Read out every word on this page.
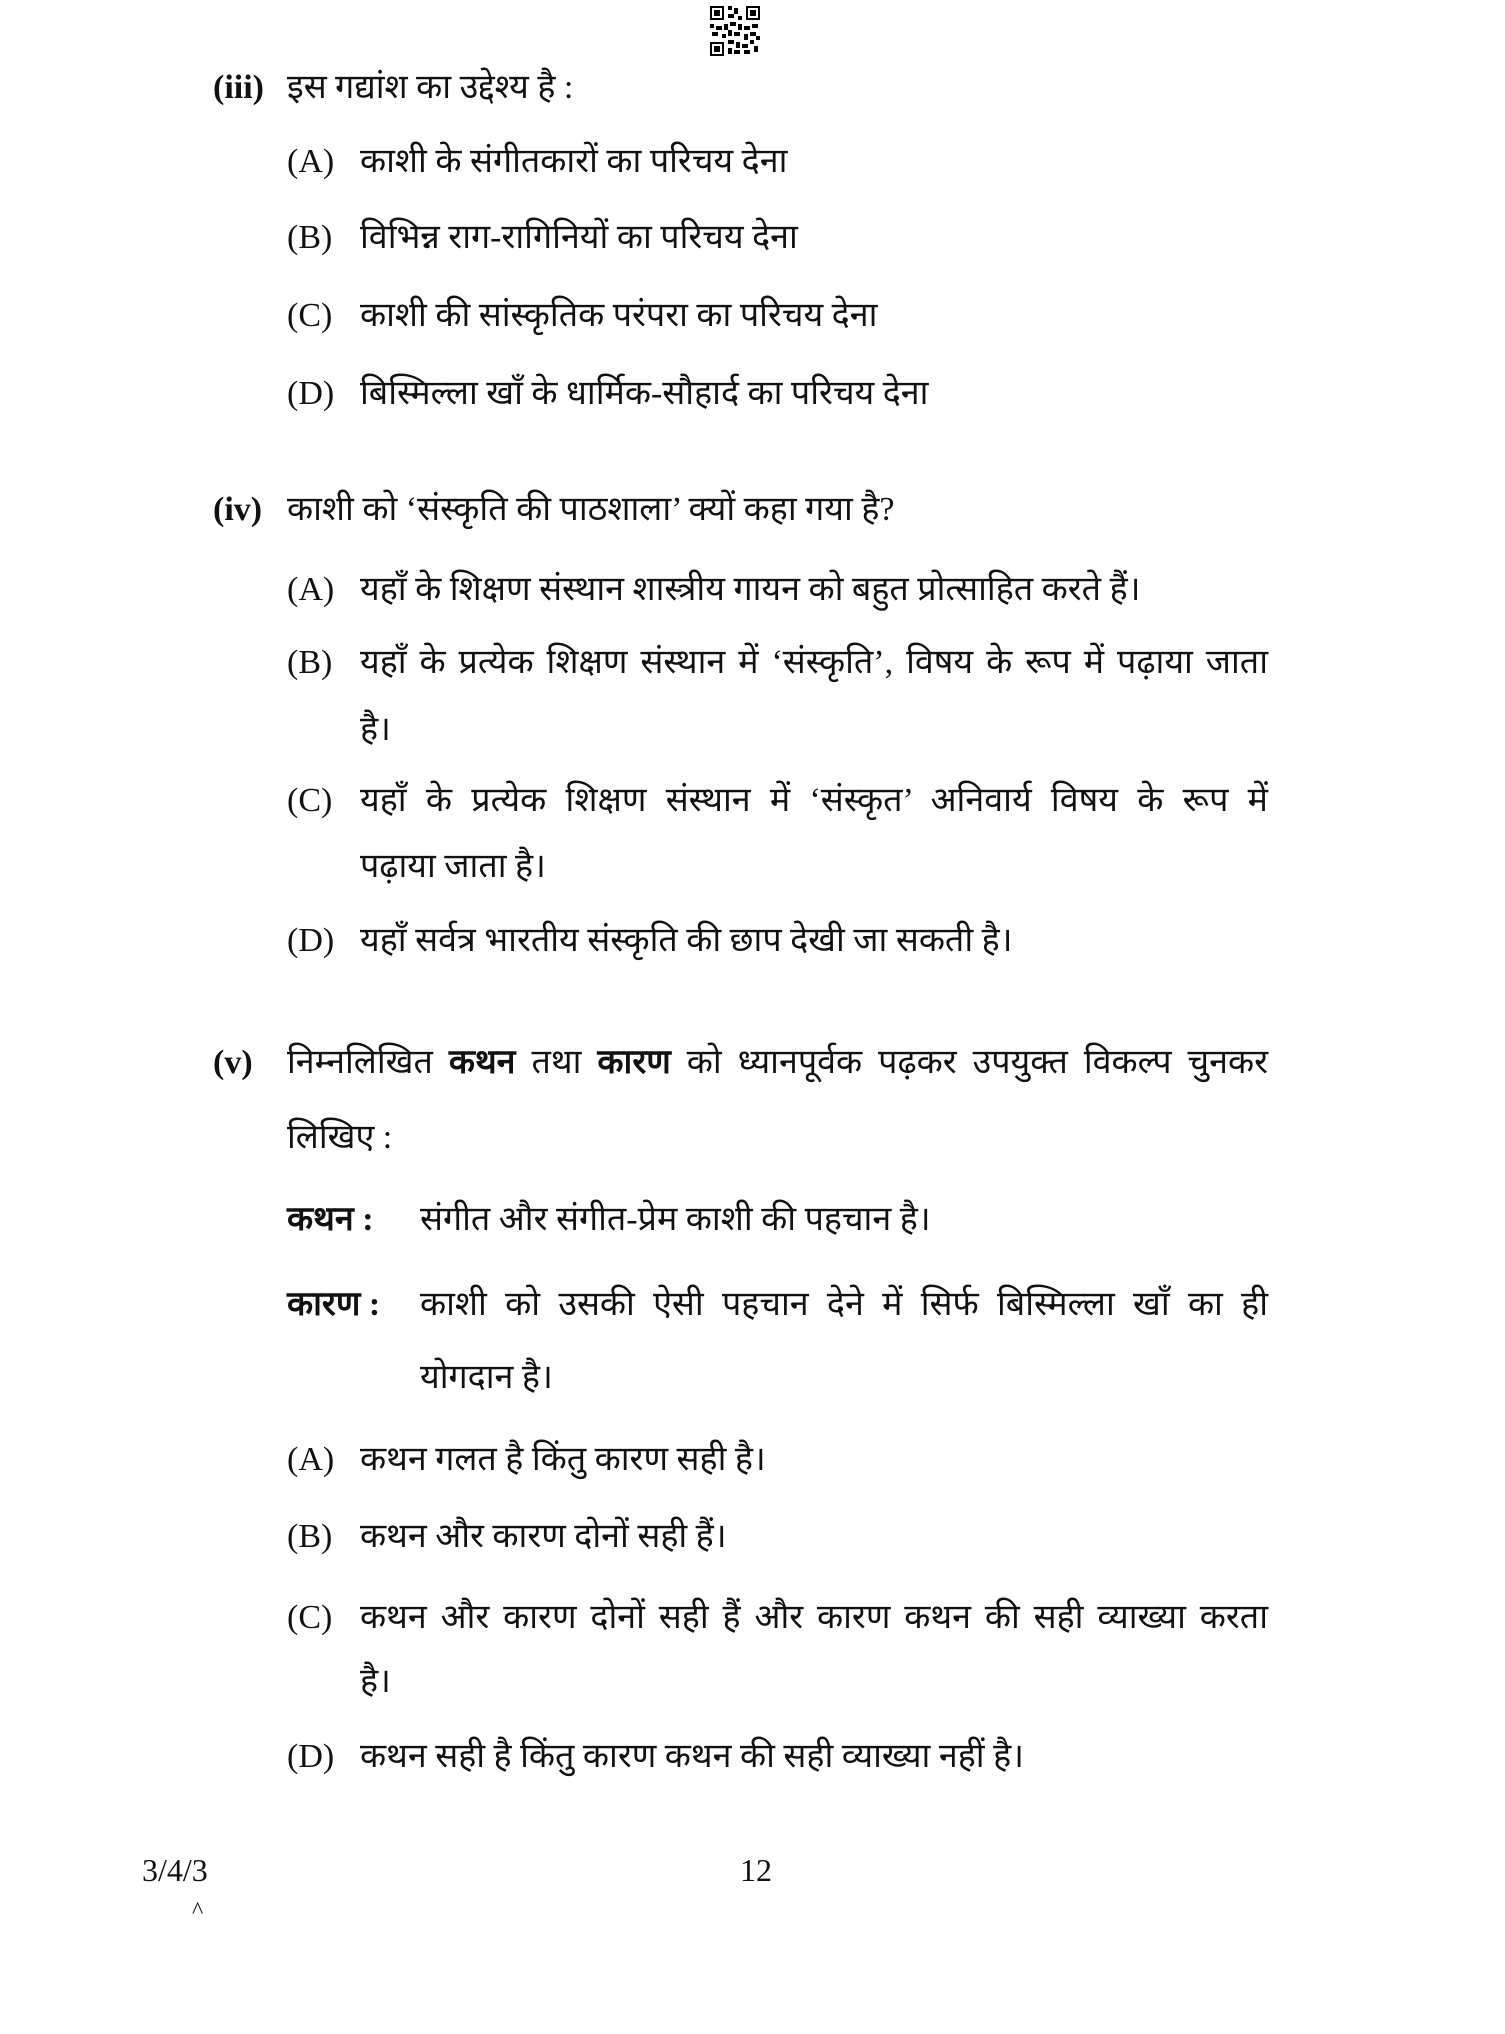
(iii) इस गद्यांश का उद्देश्य है :
(A) काशी के संगीतकारों का परिचय देना
(B) विभिन्न राग-रागिनियों का परिचय देना
(C) काशी की सांस्कृतिक परंपरा का परिचय देना
(D) बिस्मिल्ला खाँ के धार्मिक-सौहार्द का परिचय देना
(iv) काशी को ‘संस्कृति की पाठशाला’ क्यों कहा गया है?
(A) यहाँ के शिक्षण संस्थान शास्त्रीय गायन को बहुत प्रोत्साहित करते हैं।
(B) यहाँ के प्रत्येक शिक्षण संस्थान में ‘संस्कृति’, विषय के रूप में पढ़ाया जाता
है।
(C) यहाँ के प्रत्येक शिक्षण संस्थान में ‘संस्कृत’ अनिवार्य विषय के रूप में
पढ़ाया जाता है।
(D) यहाँ सर्वत्र भारतीय संस्कृति की छाप देखी जा सकती है।
(v) निम्नलिखित कथन तथा कारण को ध्यानपूर्वक पढ़कर उपयुक्त विकल्प चुनकर
लिखिए :
कथन : संगीत और संगीत-प्रेम काशी की पहचान है।
कारण : काशी को उसकी ऐसी पहचान देने में सिर्फ बिस्मिल्ला खाँ का ही
योगदान है।
(A) कथन गलत है किंतु कारण सही है।
(B) कथन और कारण दोनों सही हैं।
(C) कथन और कारण दोनों सही हैं और कारण कथन की सही व्याख्या करता
है।
(D) कथन सही है किंतु कारण कथन की सही व्याख्या नहीं है।
3/4/3	12
^
